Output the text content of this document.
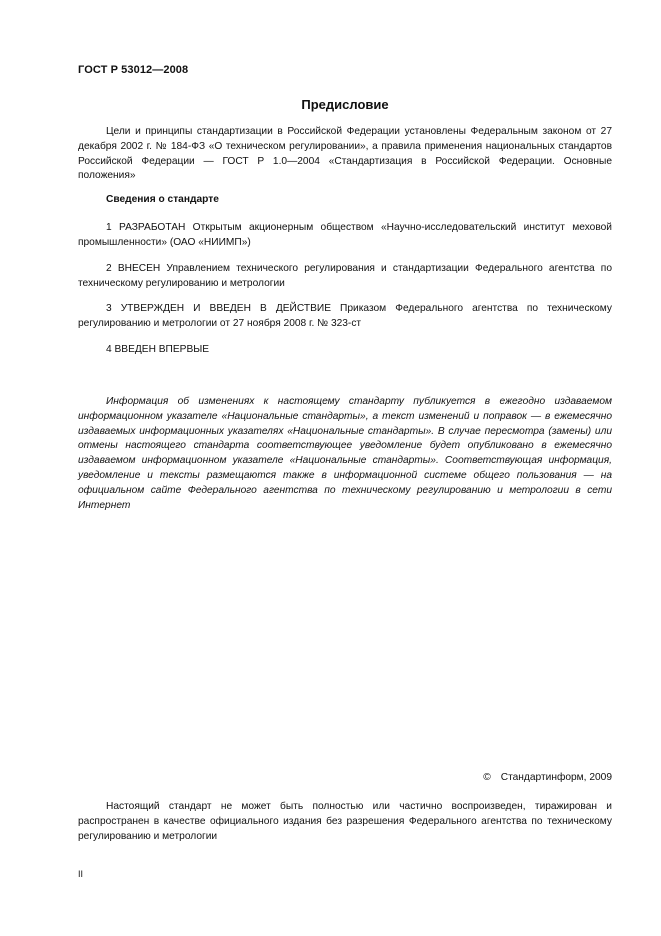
ГОСТ Р 53012—2008
Предисловие

Цели и принципы стандартизации в Российской Федерации установлены Федеральным законом от 27 декабря 2002 г. № 184-ФЗ «О техническом регулировании», а правила применения национальных стандартов Российской Федерации — ГОСТ Р 1.0—2004 «Стандартизация в Российской Федерации. Основные положения»

Сведения о стандарте

1 РАЗРАБОТАН Открытым акционерным обществом «Научно-исследовательский институт меховой промышленности» (ОАО «НИИМП»)

2 ВНЕСЕН Управлением технического регулирования и стандартизации Федерального агентства по техническому регулированию и метрологии

3 УТВЕРЖДЕН И ВВЕДЕН В ДЕЙСТВИЕ Приказом Федерального агентства по техническому регулированию и метрологии от 27 ноября 2008 г. № 323-ст

4 ВВЕДЕН ВПЕРВЫЕ

Информация об изменениях к настоящему стандарту публикуется в ежегодно издаваемом информационном указателе «Национальные стандарты», а текст изменений и поправок — в ежемесячно издаваемых информационных указателях «Национальные стандарты». В случае пересмотра (замены) или отмены настоящего стандарта соответствующее уведомление будет опубликовано в ежемесячно издаваемом информационном указателе «Национальные стандарты». Соответствующая информация, уведомление и тексты размещаются также в информационной системе общего пользования — на официальном сайте Федерального агентства по техническому регулированию и метрологии в сети Интернет

© Стандартинформ, 2009

Настоящий стандарт не может быть полностью или частично воспроизведен, тиражирован и распространен в качестве официального издания без разрешения Федерального агентства по техническому регулированию и метрологии

II
